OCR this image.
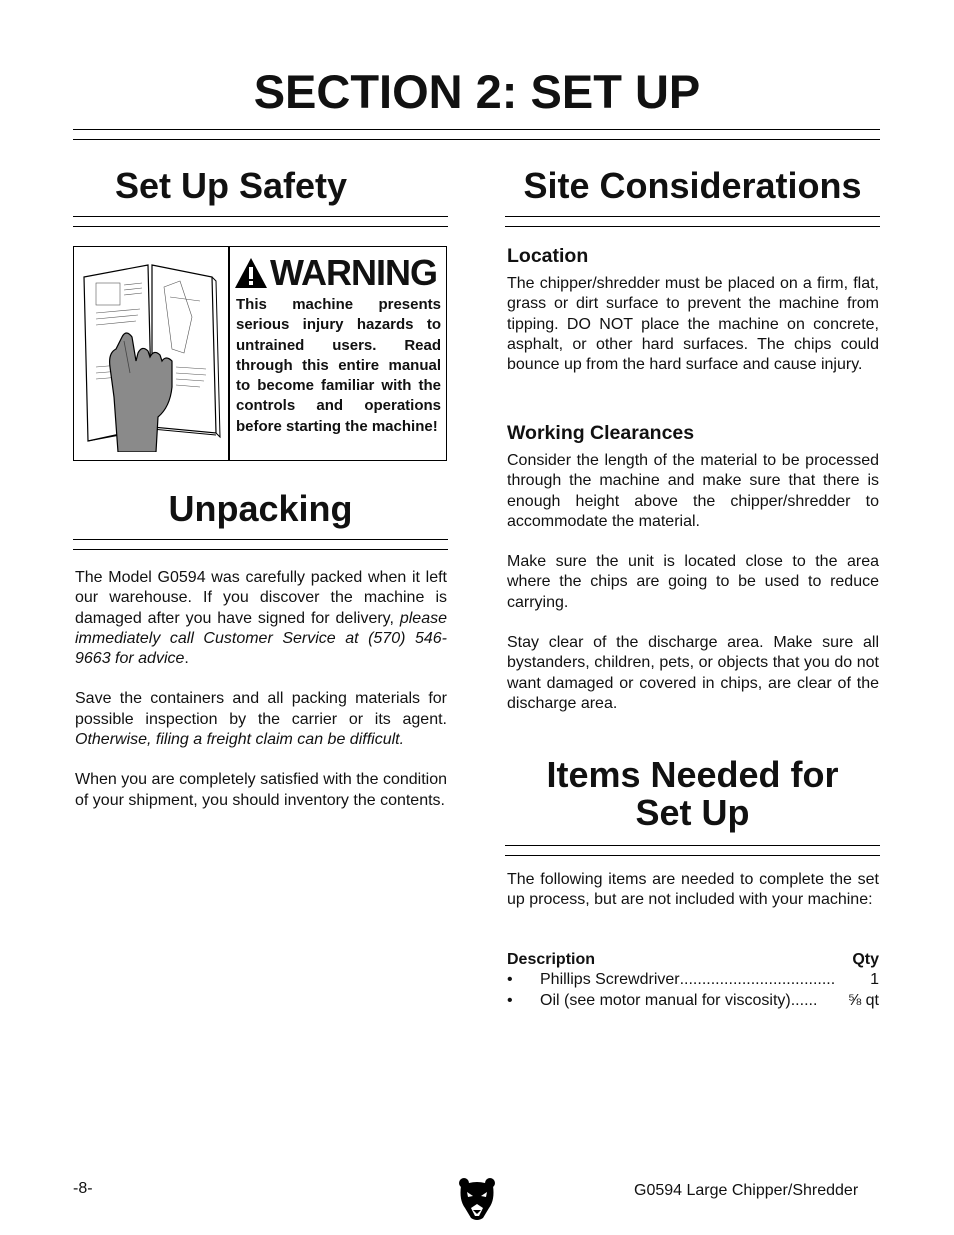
SECTION 2: SET UP
Set Up Safety
WARNING
This machine presents serious injury hazards to untrained users. Read through this entire manual to become familiar with the controls and operations before starting the machine!
Unpacking

The Model G0594 was carefully packed when it left our warehouse. If you discover the machine is damaged after you have signed for delivery, please immediately call Customer Service at (570) 546-9663 for advice.

Save the containers and all packing materials for possible inspection by the carrier or its agent. Otherwise, filing a freight claim can be difficult.

When you are completely satisfied with the condition of your shipment, you should inventory the contents.

Site Considerations
Location

The chipper/shredder must be placed on a firm, flat, grass or dirt surface to prevent the machine from tipping. DO NOT place the machine on concrete, asphalt, or other hard surfaces. The chips could bounce up from the hard surface and cause injury.

Working Clearances

Consider the length of the material to be processed through the machine and make sure that there is enough height above the chipper/shredder to accommodate the material.

Make sure the unit is located close to the area where the chips are going to be used to reduce carrying.

Stay clear of the discharge area. Make sure all bystanders, children, pets, or objects that you do not want damaged or covered in chips, are clear of the discharge area.

Items Needed for
Set Up

The following items are needed to complete the set up process, but are not included with your machine:

Description	Qty
•	Phillips Screwdriver ...................................	1
•	Oil (see motor manual for viscosity) ......	⅝ qt
-8-	G0594 Large Chipper/Shredder
